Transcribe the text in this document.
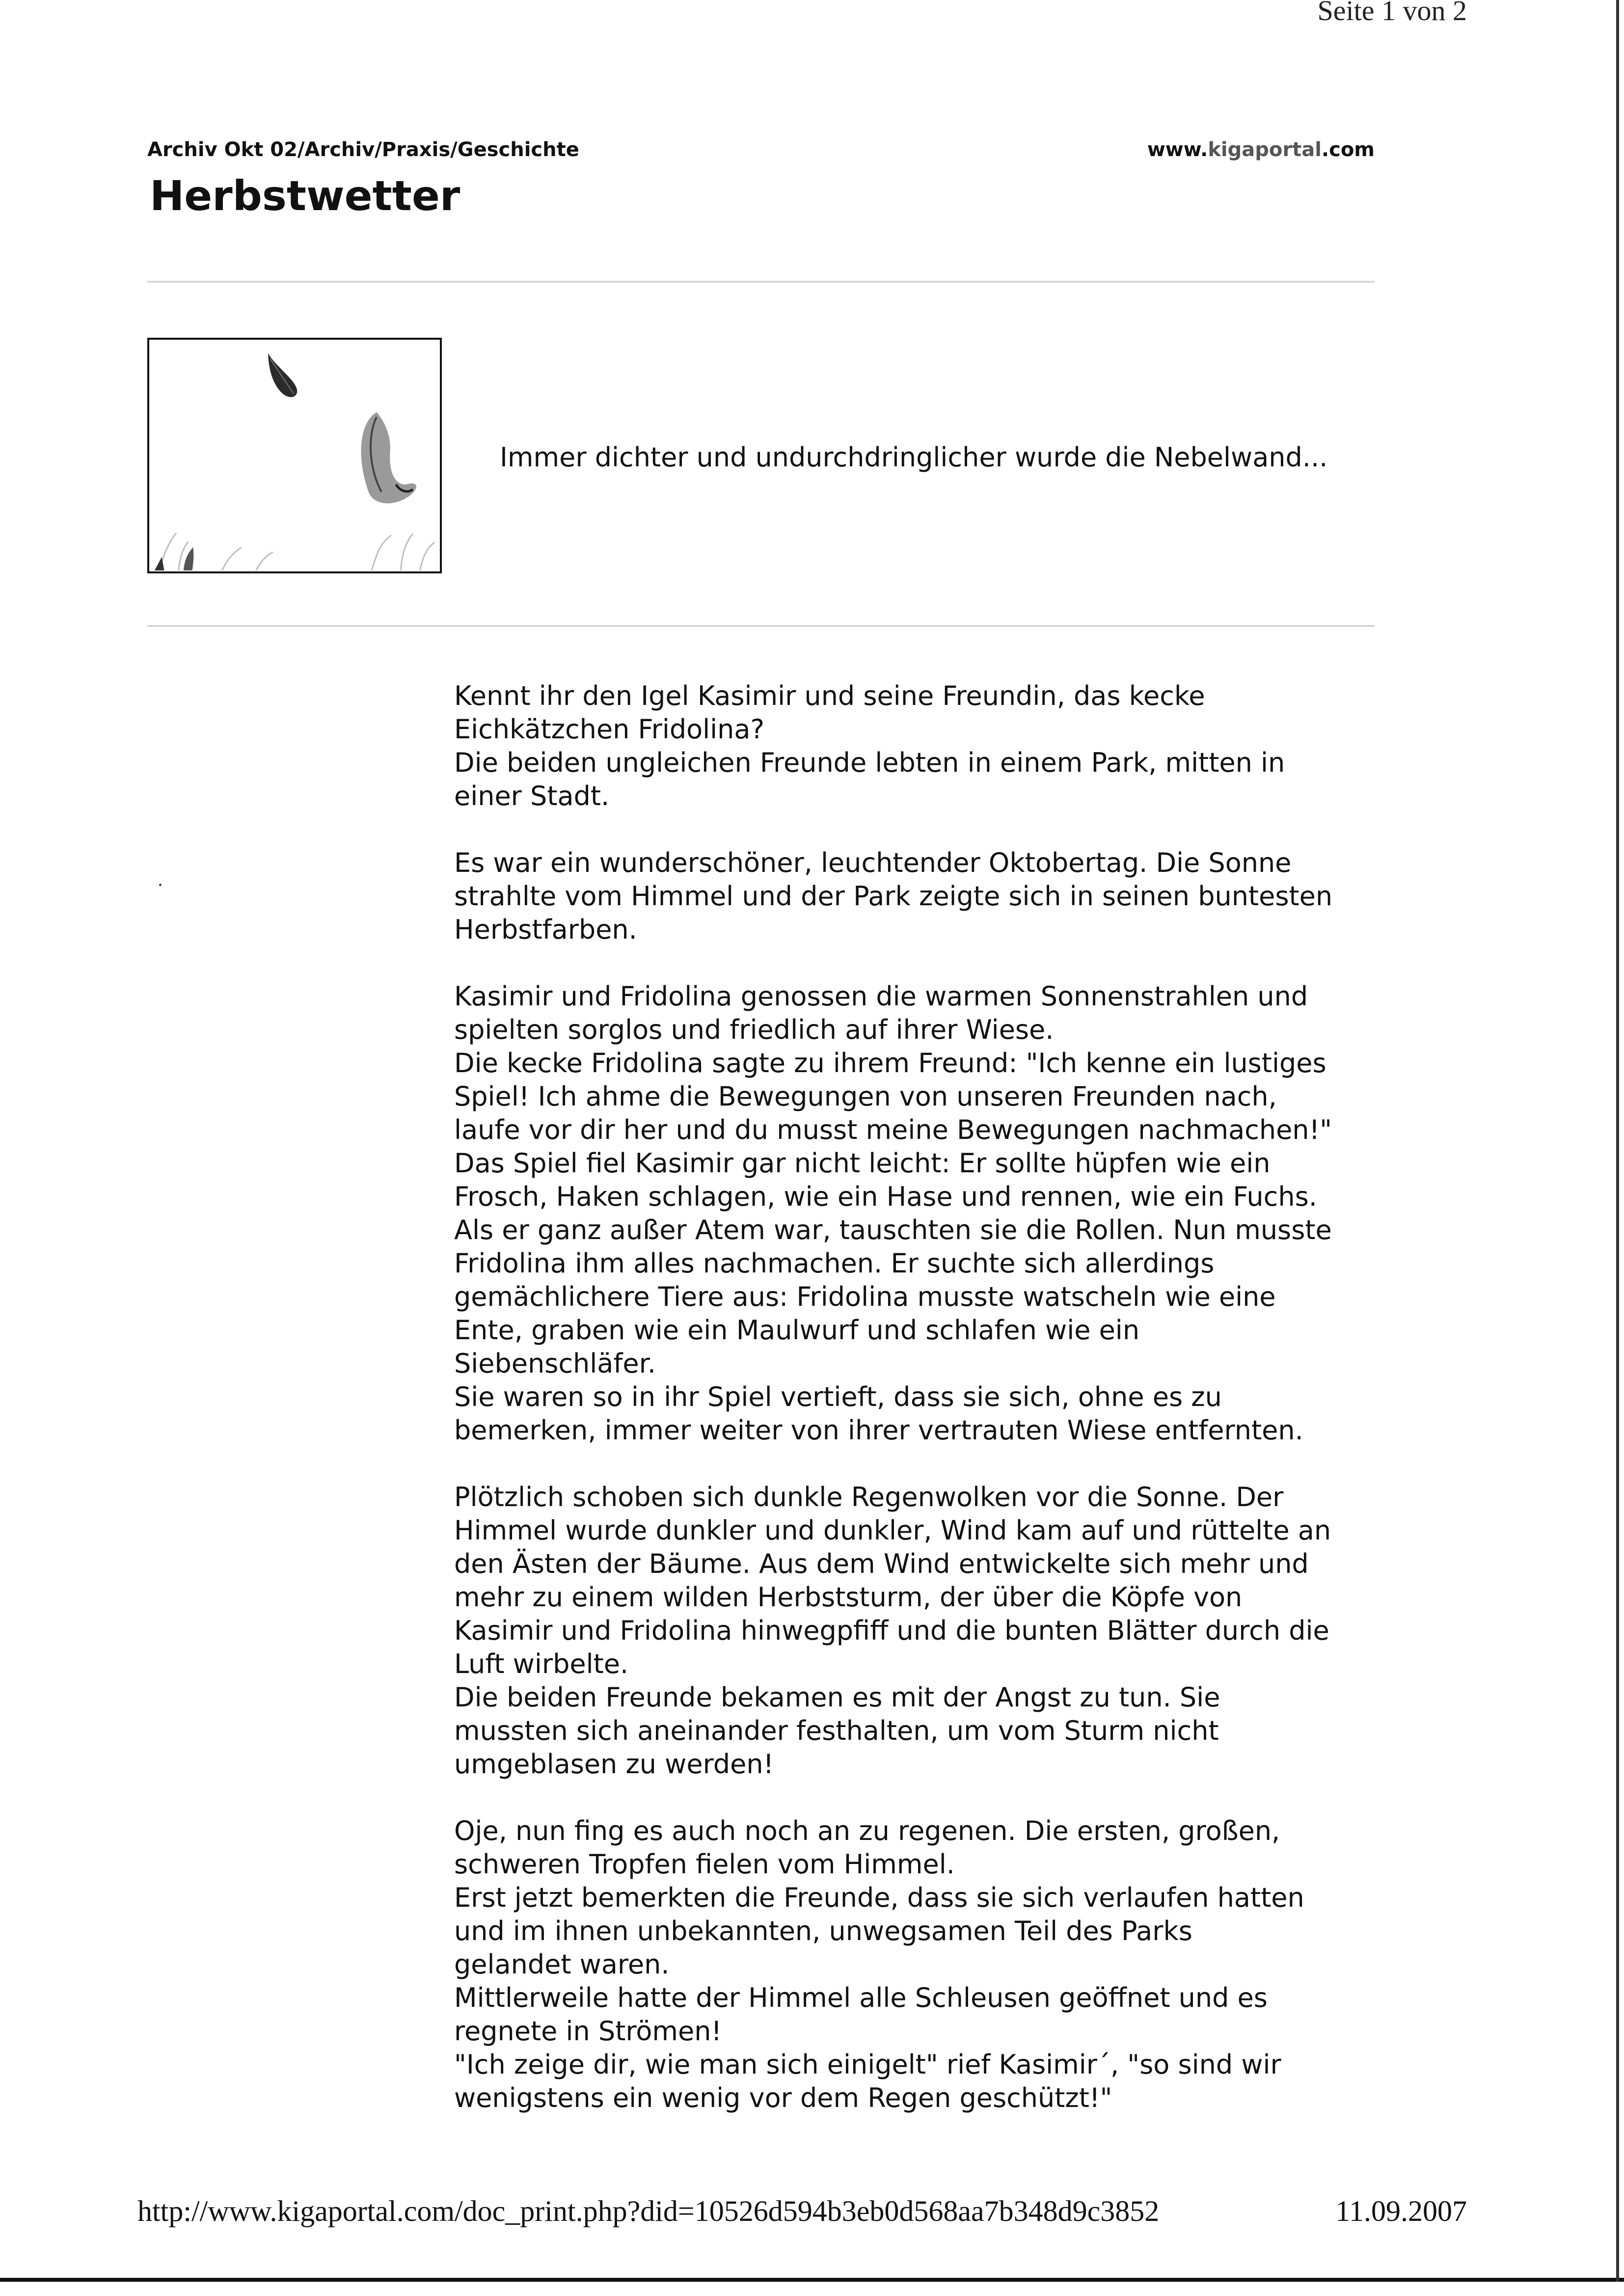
Seite 1 von 2
Archiv Okt 02/Archiv/Praxis/Geschichte	www.kigaportal.com
Herbstwetter
Immer dichter und undurchdringlicher wurde die Nebelwand...

Kennt ihr den Igel Kasimir und seine Freundin, das kecke
Eichkätzchen Fridolina?
Die beiden ungleichen Freunde lebten in einem Park, mitten in
einer Stadt.

Es war ein wunderschöner, leuchtender Oktobertag. Die Sonne
strahlte vom Himmel und der Park zeigte sich in seinen buntesten
Herbstfarben.

Kasimir und Fridolina genossen die warmen Sonnenstrahlen und
spielten sorglos und friedlich auf ihrer Wiese.
Die kecke Fridolina sagte zu ihrem Freund: "Ich kenne ein lustiges
Spiel! Ich ahme die Bewegungen von unseren Freunden nach,
laufe vor dir her und du musst meine Bewegungen nachmachen!"
Das Spiel fiel Kasimir gar nicht leicht: Er sollte hüpfen wie ein
Frosch, Haken schlagen, wie ein Hase und rennen, wie ein Fuchs.
Als er ganz außer Atem war, tauschten sie die Rollen. Nun musste
Fridolina ihm alles nachmachen. Er suchte sich allerdings
gemächlichere Tiere aus: Fridolina musste watscheln wie eine
Ente, graben wie ein Maulwurf und schlafen wie ein
Siebenschläfer.
Sie waren so in ihr Spiel vertieft, dass sie sich, ohne es zu
bemerken, immer weiter von ihrer vertrauten Wiese entfernten.

Plötzlich schoben sich dunkle Regenwolken vor die Sonne. Der
Himmel wurde dunkler und dunkler, Wind kam auf und rüttelte an
den Ästen der Bäume. Aus dem Wind entwickelte sich mehr und
mehr zu einem wilden Herbststurm, der über die Köpfe von
Kasimir und Fridolina hinwegpfiff und die bunten Blätter durch die
Luft wirbelte.
Die beiden Freunde bekamen es mit der Angst zu tun. Sie
mussten sich aneinander festhalten, um vom Sturm nicht
umgeblasen zu werden!

Oje, nun fing es auch noch an zu regenen. Die ersten, großen,
schweren Tropfen fielen vom Himmel.
Erst jetzt bemerkten die Freunde, dass sie sich verlaufen hatten
und im ihnen unbekannten, unwegsamen Teil des Parks
gelandet waren.
Mittlerweile hatte der Himmel alle Schleusen geöffnet und es
regnete in Strömen!
"Ich zeige dir, wie man sich einigelt" rief Kasimir´, "so sind wir
wenigstens ein wenig vor dem Regen geschützt!"

http://www.kigaportal.com/doc_print.php?did=10526d594b3eb0d568aa7b348d9c3852	11.09.2007
